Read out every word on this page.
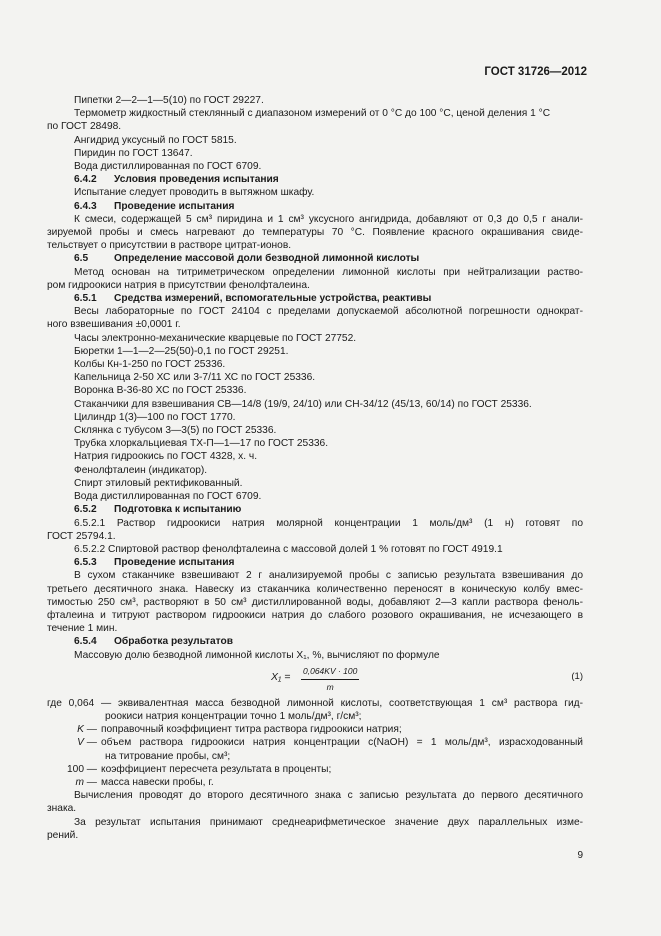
ГОСТ 31726—2012

Пипетки 2—2—1—5(10) по ГОСТ 29227.

Термометр жидкостный стеклянный с диапазоном измерений от 0 °С до 100 °С, ценой деления 1 °С

по ГОСТ 28498.

Ангидрид уксусный по ГОСТ 5815.

Пиридин по ГОСТ 13647.

Вода дистиллированная по ГОСТ 6709.

6.4.2 Условия проведения испытания

Испытание следует проводить в вытяжном шкафу.

6.4.3 Проведение испытания

К смеси, содержащей 5 см³ пиридина и 1 см³ уксусного ангидрида, добавляют от 0,3 до 0,5 г анали-

зируемой пробы и смесь нагревают до температуры 70 °С. Появление красного окрашивания свиде-

тельствует о присутствии в растворе цитрат-ионов.

6.5	Определение массовой доли безводной лимонной кислоты

Метод основан на титриметрическом определении лимонной кислоты при нейтрализации раство-

ром гидроокиси натрия в присутствии фенолфталеина.

6.5.1 Средства измерений, вспомогательные устройства, реактивы

Весы лабораторные по ГОСТ 24104 с пределами допускаемой абсолютной погрешности однократ-

ного взвешивания ±0,0001 г.

Часы электронно-механические кварцевые по ГОСТ 27752.

Бюретки 1—1—2—25(50)-0,1 по ГОСТ 29251.

Колбы Кн-1-250 по ГОСТ 25336.

Капельница 2-50 ХС или 3-7/11 ХС по ГОСТ 25336.

Воронка В-36-80 ХС по ГОСТ 25336.

Стаканчики для взвешивания СВ—14/8 (19/9, 24/10) или СН-34/12 (45/13, 60/14) по ГОСТ 25336.

Цилиндр 1(3)—100 по ГОСТ 1770.

Склянка с тубусом 3—3(5) по ГОСТ 25336.

Трубка хлоркальциевая ТХ-П—1—17 по ГОСТ 25336.

Натрия гидроокись по ГОСТ 4328, х. ч.

Фенолфталеин (индикатор).

Спирт этиловый ректификованный.

Вода дистиллированная по ГОСТ 6709.

6.5.2 Подготовка к испытанию

6.5.2.1 Раствор гидроокиси натрия молярной концентрации 1 моль/дм³ (1 н) готовят по

ГОСТ 25794.1.

6.5.2.2 Спиртовой раствор фенолфталеина с массовой долей 1 % готовят по ГОСТ 4919.1

6.5.3 Проведение испытания

В сухом стаканчике взвешивают 2 г анализируемой пробы с записью результата взвешивания до

третьего десятичного знака. Навеску из стаканчика количественно переносят в коническую колбу вмес-

тимостью 250 см³, растворяют в 50 см³ дистиллированной воды, добавляют 2—3 капли раствора феноль-

фталеина и титруют раствором гидроокиси натрия до слабого розового окрашивания, не исчезающего в

течение 1 мин.

6.5.4 Обработка результатов

Массовую долю безводной лимонной кислоты X₁, %, вычисляют по формуле

$X_1 = \frac{0,064KV \cdot 100}{m}$	(1)

где 0,064 — эквивалентная масса безводной лимонной кислоты, соответствующая 1 см³ раствора гид-

роокиси натрия концентрации точно 1 моль/дм³, г/см³;

K — поправочный коэффициент титра раствора гидроокиси натрия;
V — объем раствора гидроокиси натрия концентрации c(NaOH) = 1 моль/дм³, израсходованный

на титрование пробы, см³;

100 — коэффициент пересчета результата в проценты;
m — масса навески пробы, г.

Вычисления проводят до второго десятичного знака с записью результата до первого десятичного

знака.

За результат испытания принимают среднеарифметическое значение двух параллельных изме-

рений.

9
